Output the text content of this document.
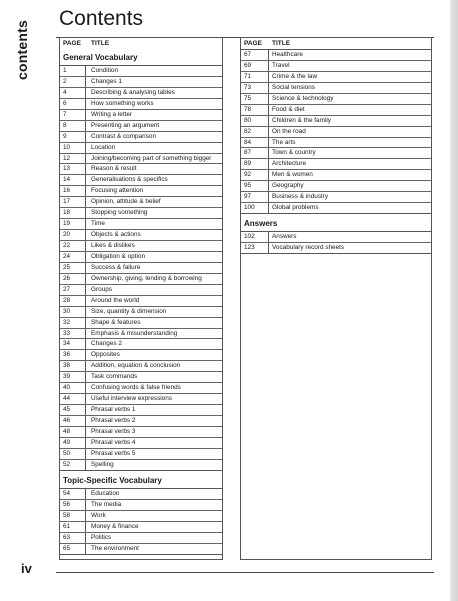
contents
Contents
PAGE TITLE
General Vocabulary
1	Condition
2	Changes 1
4	Describing & analysing tables
6	How something works
7	Writing a letter
8	Presenting an argument
9	Contrast & comparison
10	Location
12	Joining/becoming part of something bigger
13	Reason & result
14	Generalisations & specifics
16	Focusing attention
17	Opinion, attitude & belief
18	Stopping something
19	Time
20	Objects & actions
22	Likes & dislikes
24	Obligation & option
25	Success & failure
26	Ownership, giving, lending & borrowing
27	Groups
28	Around the world
30	Size, quantity & dimension
32	Shape & features
33	Emphasis & misunderstanding
34	Changes 2
36	Opposites
38	Addition, equation & conclusion
39	Task commands
40	Confusing words & false friends
44	Useful interview expressions
45	Phrasal verbs 1
46	Phrasal verbs 2
48	Phrasal verbs 3
49	Phrasal verbs 4
50	Phrasal verbs 5
52	Spelling
Topic-Specific Vocabulary
54	Education
56	The media
58	Work
61	Money & finance
63	Politics
65	The environment
PAGE TITLE
67	Healthcare
69	Travel
71	Crime & the law
73	Social tensions
75	Science & technology
78	Food & diet
80	Children & the family
82	On the road
84	The arts
87	Town & country
89	Architecture
92	Men & women
95	Geography
97	Business & industry
100	Global problems
Answers
102	Answers
123	Vocabulary record sheets
iv
